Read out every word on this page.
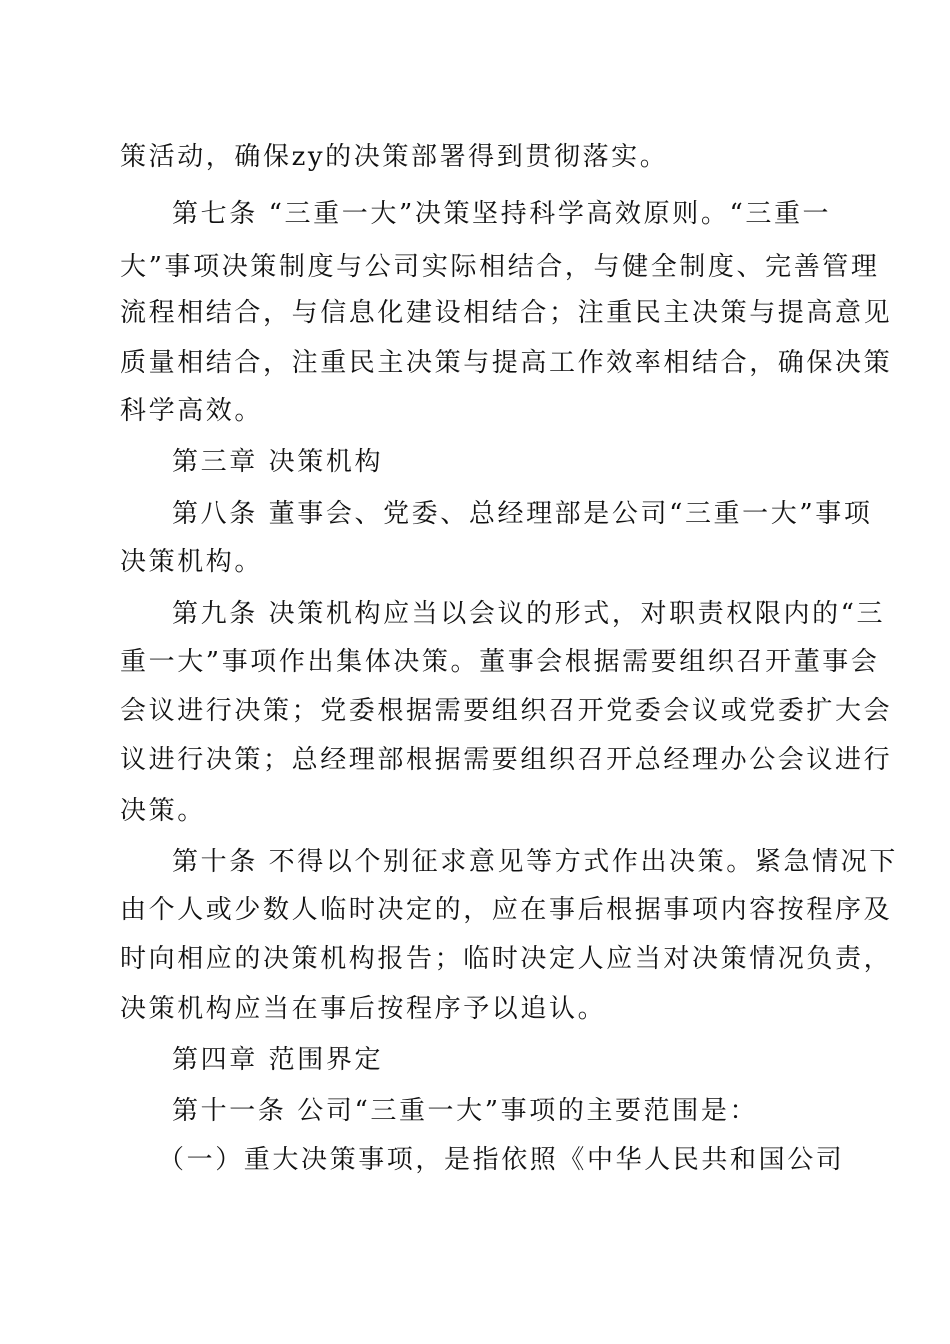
策活动，确保zy的决策部署得到贯彻落实。
第七条 “三重一大”决策坚持科学高效原则。“三重一
大”事项决策制度与公司实际相结合，与健全制度、完善管理
流程相结合，与信息化建设相结合；注重民主决策与提高意见
质量相结合，注重民主决策与提高工作效率相结合，确保决策
科学高效。
第三章 决策机构
第八条 董事会、党委、总经理部是公司“三重一大”事项
决策机构。
第九条 决策机构应当以会议的形式，对职责权限内的“三
重一大”事项作出集体决策。董事会根据需要组织召开董事会
会议进行决策；党委根据需要组织召开党委会议或党委扩大会
议进行决策；总经理部根据需要组织召开总经理办公会议进行
决策。
第十条 不得以个别征求意见等方式作出决策。紧急情况下
由个人或少数人临时决定的，应在事后根据事项内容按程序及
时向相应的决策机构报告；临时决定人应当对决策情况负责，
决策机构应当在事后按程序予以追认。
第四章 范围界定
第十一条 公司“三重一大”事项的主要范围是：
（一）重大决策事项，是指依照《中华人民共和国公司
